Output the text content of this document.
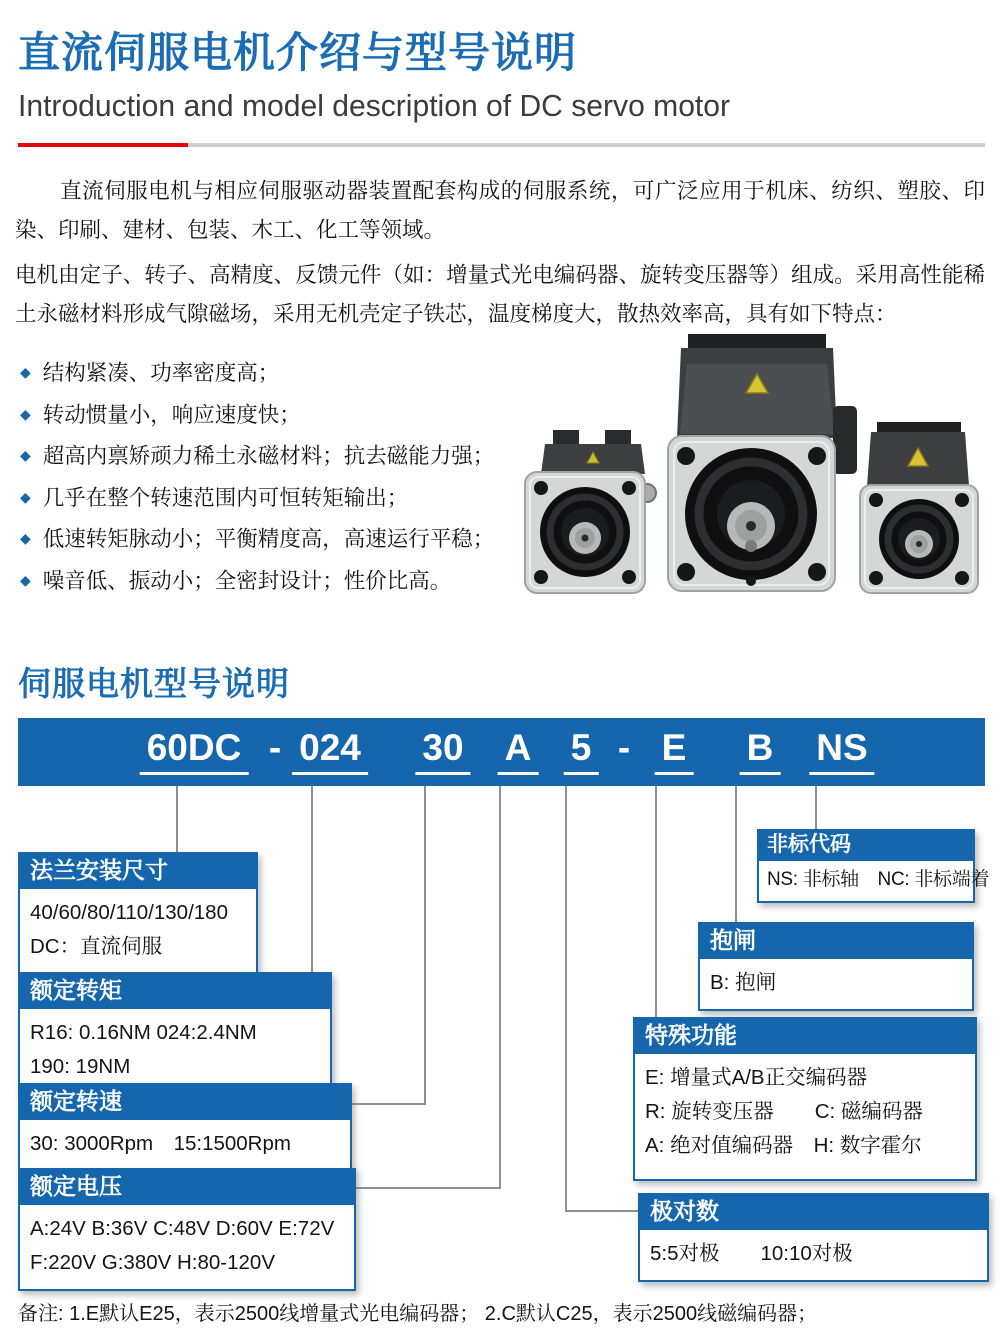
直流伺服电机介绍与型号说明
Introduction and model description of DC servo motor

直流伺服电机与相应伺服驱动器装置配套构成的伺服系统，可广泛应用于机床、纺织、塑胶、印染、印刷、建材、包装、木工、化工等领域。

电机由定子、转子、高精度、反馈元件（如：增量式光电编码器、旋转变压器等）组成。采用高性能稀土永磁材料形成气隙磁场，采用无机壳定子铁芯，温度梯度大，散热效率高，具有如下特点：

◆ 结构紧凑、功率密度高；
◆ 转动惯量小，响应速度快；
◆ 超高内禀矫顽力稀土永磁材料；抗去磁能力强；
◆ 几乎在整个转速范围内可恒转矩输出；
◆ 低速转矩脉动小；平衡精度高，高速运行平稳；
◆ 噪音低、振动小；全密封设计；性价比高。
伺服电机型号说明
60DC - 024 30 A 5 - E B NS
法兰安装尺寸
40/60/80/110/130/180
DC：直流伺服
额定转矩
R16: 0.16NM 024:2.4NM
190: 19NM
额定转速
30: 3000Rpm　15:1500Rpm
额定电压
A:24V B:36V C:48V D:60V E:72V
F:220V G:380V H:80-120V
非标代码
NS: 非标轴　NC: 非标端着
抱闸
B: 抱闸
特殊功能
E: 增量式A/B正交编码器
R: 旋转变压器　　C: 磁编码器
A: 绝对值编码器　H: 数字霍尔
极对数
5:5对极　　10:10对极
备注: 1.E默认E25，表示2500线增量式光电编码器； 2.C默认C25，表示2500线磁编码器；
